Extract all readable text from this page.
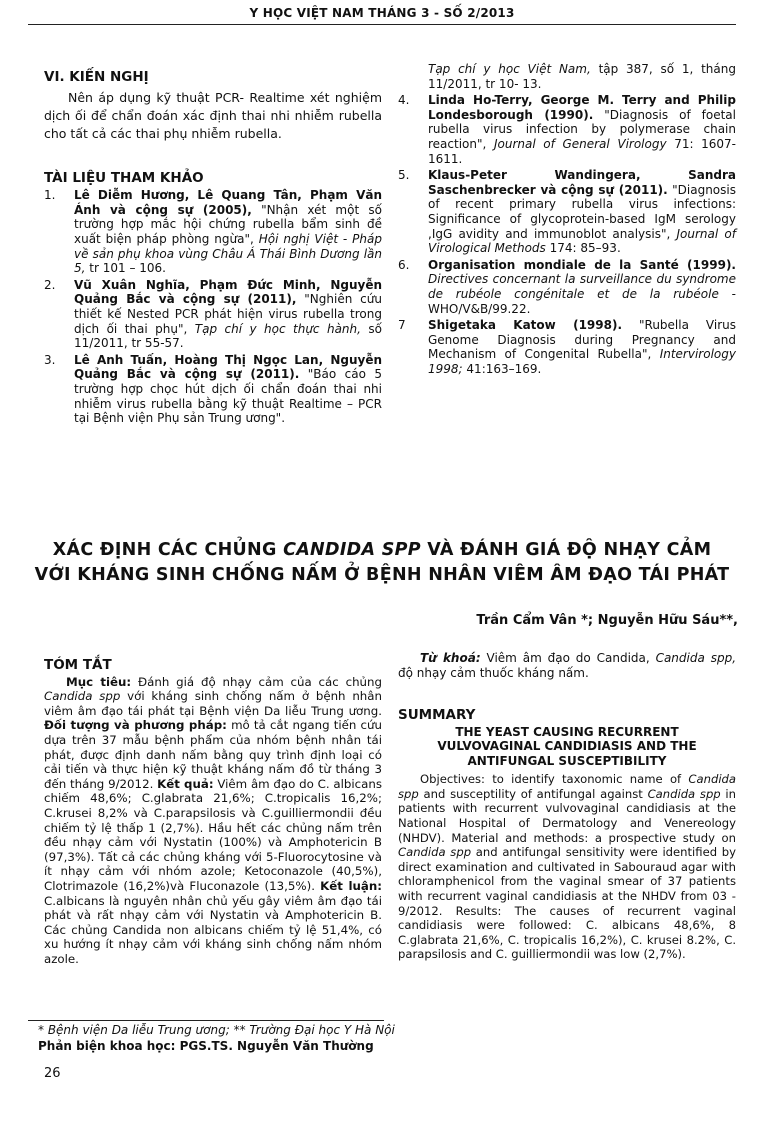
Y HỌC VIỆT NAM THÁNG 3 - SỐ 2/2013
VI. KIẾN NGHỊ
Nên áp dụng kỹ thuật PCR- Realtime xét nghiệm dịch ối để chẩn đoán xác định thai nhi nhiễm rubella cho tất cả các thai phụ nhiễm rubella.
TÀI LIỆU THAM KHẢO
1.	Lê Diễm Hương, Lê Quang Tân, Phạm Văn Ánh và cộng sự (2005), "Nhận xét một số trường hợp mắc hội chứng rubella bẩm sinh đề xuất biện pháp phòng ngừa", Hội nghị Việt - Pháp về sản phụ khoa vùng Châu Á Thái Bình Dương lần 5, tr 101 – 106.
2.	Vũ Xuân Nghĩa, Phạm Đức Minh, Nguyễn Quảng Bắc và cộng sự (2011), "Nghiên cứu thiết kế Nested PCR phát hiện virus rubella trong dịch ối thai phụ", Tạp chí y học thực hành, số 11/2011, tr 55-57.
3.	Lê Anh Tuấn, Hoàng Thị Ngọc Lan, Nguyễn Quảng Bắc và cộng sự (2011). "Báo cáo 5 trường hợp chọc hút dịch ối chẩn đoán thai nhi nhiễm virus rubella bằng kỹ thuật Realtime – PCR tại Bệnh viện Phụ sản Trung ương".
Tạp chí y học Việt Nam, tập 387, số 1, tháng 11/2011, tr 10- 13.
4.	Linda Ho-Terry, George M. Terry and Philip Londesborough (1990). "Diagnosis of foetal rubella virus infection by polymerase chain reaction", Journal of General Virology 71: 1607-1611.
5.	Klaus-Peter Wandingera, Sandra Saschenbrecker và cộng sự (2011). "Diagnosis of recent primary rubella virus infections: Significance of glycoprotein-based IgM serology ,IgG avidity and immunoblot analysis", Journal of Virological Methods 174: 85–93.
6.	Organisation mondiale de la Santé (1999). Directives concernant la surveillance du syndrome de rubéole congénitale et de la rubéole - WHO/V&B/99.22.
7	Shigetaka Katow (1998). "Rubella Virus Genome Diagnosis during Pregnancy and Mechanism of Congenital Rubella", Intervirology 1998; 41:163–169.
XÁC ĐỊNH CÁC CHỦNG CANDIDA SPP VÀ ĐÁNH GIÁ ĐỘ NHẠY CẢM
VỚI KHÁNG SINH CHỐNG NẤM Ở BỆNH NHÂN VIÊM ÂM ĐẠO TÁI PHÁT
Trần Cẩm Vân *; Nguyễn Hữu Sáu**,
TÓM TẮT
Mục tiêu: Đánh giá độ nhạy cảm của các chủng Candida spp với kháng sinh chống nấm ở bệnh nhân viêm âm đạo tái phát tại Bệnh viện Da liễu Trung ương. Đối tượng và phương pháp: mô tả cắt ngang tiến cứu dựa trên 37 mẫu bệnh phẩm của nhóm bệnh nhân tái phát, được định danh nấm bằng quy trình định loại có cải tiến và thực hiện kỹ thuật kháng nấm đồ từ tháng 3 đến tháng 9/2012. Kết quả: Viêm âm đạo do C. albicans chiếm 48,6%; C.glabrata 21,6%; C.tropicalis 16,2%; C.krusei 8,2% và C.parapsilosis và C.guilliermondii đều chiếm tỷ lệ thấp 1 (2,7%). Hầu hết các chủng nấm trên đều nhạy cảm với Nystatin (100%) và Amphotericin B (97,3%). Tất cả các chủng kháng với 5-Fluorocytosine và ít nhạy cảm với nhóm azole; Ketoconazole (40,5%), Clotrimazole (16,2%)và Fluconazole (13,5%). Kết luận: C.albicans là nguyên nhân chủ yếu gây viêm âm đạo tái phát và rất nhạy cảm với Nystatin và Amphotericin B. Các chủng Candida non albicans chiếm tỷ lệ 51,4%, có xu hướng ít nhạy cảm với kháng sinh chống nấm nhóm azole.
Từ khoá: Viêm âm đạo do Candida, Candida spp, độ nhạy cảm thuốc kháng nấm.
SUMMARY
THE YEAST CAUSING RECURRENT VULVOVAGINAL CANDIDIASIS AND THE ANTIFUNGAL SUSCEPTIBILITY
Objectives: to identify taxonomic name of Candida spp and susceptility of antifungal against Candida spp in patients with recurrent vulvovaginal candidiasis at the National Hospital of Dermatology and Venereology (NHDV). Material and methods: a prospective study on Candida spp and antifungal sensitivity were identified by direct examination and cultivated in Sabouraud agar with chloramphenicol from the vaginal smear of 37 patients with recurrent vaginal candidiasis at the NHDV from 03 - 9/2012. Results: The causes of recurrent vaginal candidiasis were followed: C. albicans 48,6%, 8 C.glabrata 21,6%, C. tropicalis 16,2%), C. krusei 8.2%, C. parapsilosis and C. guilliermondii was low (2,7%).
* Bệnh viện Da liễu Trung ương; ** Trường Đại học Y Hà Nội
Phản biện khoa học: PGS.TS. Nguyễn Văn Thường
26
